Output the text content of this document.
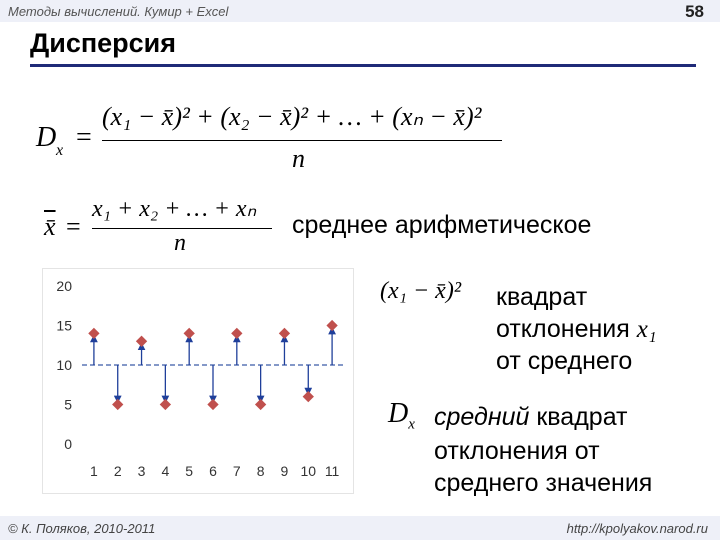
Методы вычислений. Кумир + Excel	58
Дисперсия
D x =
(x₁ − x̄)² + (x₂ − x̄)² + … + (xₙ − x̄)²
n
x̄ =
x₁ + x₂ + … + xₙ
n
среднее арифметическое
0
5
10
15
20
1 2 3 4 5 6 7 8 9 10 11
(x₁ − x̄)² квадрат
отклонения x₁
от среднего
$D_x$ средний квадрат
отклонения от
среднего значения
© К. Поляков, 2010-2011	http://kpolyakov.narod.ru
